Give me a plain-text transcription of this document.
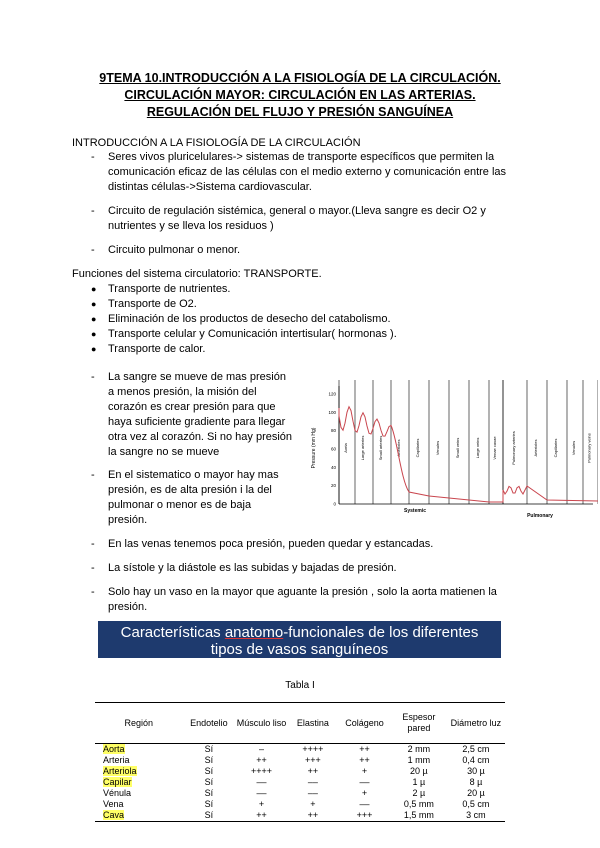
9TEMA 10.INTRODUCCIÓN A LA FISIOLOGÍA DE LA CIRCULACIÓN.
CIRCULACIÓN MAYOR: CIRCULACIÓN EN LAS ARTERIAS.
REGULACIÓN DEL FLUJO Y PRESIÓN SANGUÍNEA
INTRODUCCIÓN A LA FISIOLOGÍA DE LA CIRCULACIÓN
- Seres vivos pluricelulares-> sistemas de transporte específicos que permiten la
comunicación eficaz de las células con el medio externo y comunicación entre las
distintas células->Sistema cardiovascular.
- Circuito de regulación sistémica, general o mayor.(Lleva sangre es decir O2 y
nutrientes y se lleva los residuos )
- Circuito pulmonar o menor.
Funciones del sistema circulatorio: TRANSPORTE.
● Transporte de nutrientes.
● Transporte de O2.
● Eliminación de los productos de desecho del catabolismo.
● Transporte celular y Comunicación intertisular( hormonas ).
● Transporte de calor.
- La sangre se mueve de mas presión
a menos presión, la misión del
corazón es crear presión para que
haya suficiente gradiente para llegar
otra vez al corazón. Si no hay presión
la sangre no se mueve
- En el sistematico o mayor hay mas
presión, es de alta presión i la del
pulmonar o menor es de baja
presión.
Pressure (mm Hg)
120
100
80
60
40
20
0
Aorta	Large arteries	Small arteries	Arterioles	Capillaries	Venules	Small veins	Large veins	Venae cavae	Pulmonary arteries	Arterioles	Capillaries	Venules	Pulmonary veins
Systemic
Pulmonary
- En las venas tenemos poca presión, pueden quedar y estancadas.
- La sístole y la diástole es las subidas y bajadas de presión.
- Solo hay un vaso en la mayor que aguante la presión , solo la aorta matienen la
presión.
Características anatomo-funcionales de los diferentes
tipos de vasos sanguíneos
Tabla I
Región	Endotelio	Músculo liso	Elastina	Colágeno	Espesor pared	Diámetro luz
Aorta	Sí	–	++++	++	2 mm	2,5 cm
Arteria	Sí	++	+++	++	1 mm	0,4 cm
Arteriola	Sí	++++	++	+	20 µ	30 µ
Capilar	Sí	––	––	––	1 µ	8 µ
Vénula	Sí	––	––	+	2 µ	20 µ
Vena	Sí	+	+	––	0,5 mm	0,5 cm
Cava	Sí	++	++	+++	1,5 mm	3 cm
